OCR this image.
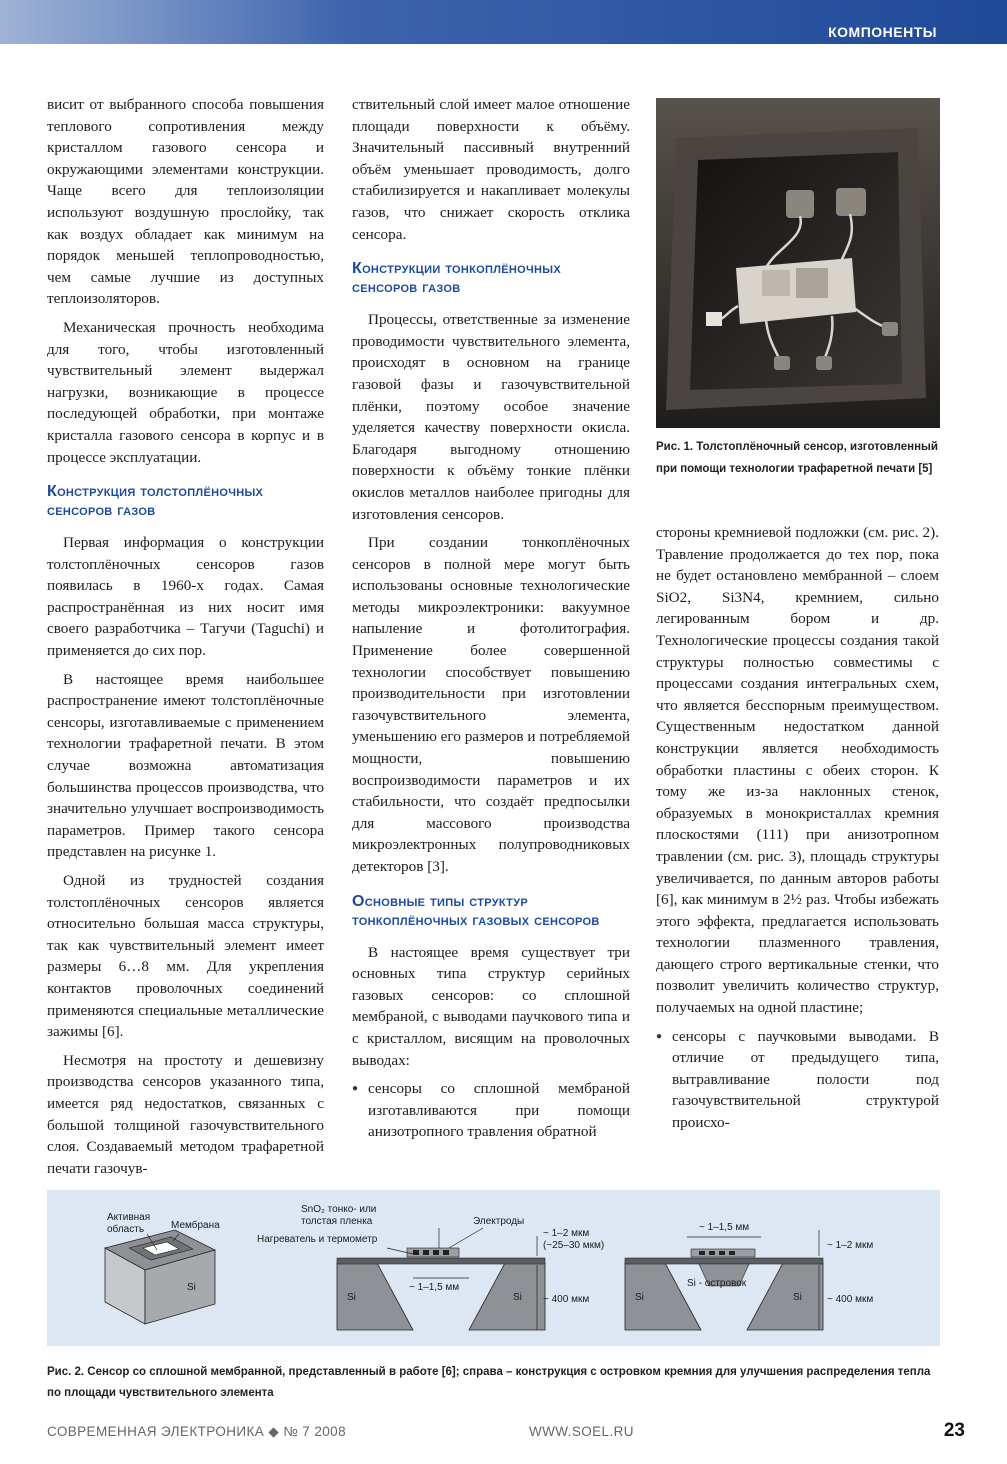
КОМПОНЕНТЫ

висит от выбранного способа повышения теплового сопротивления между кристаллом газового сенсора и окружающими элементами конструкции. Чаще всего для теплоизоляции используют воздушную прослойку, так как воздух обладает как минимум на порядок меньшей теплопроводностью, чем самые лучшие из доступных теплоизоляторов.

Механическая прочность необходима для того, чтобы изготовленный чувствительный элемент выдержал нагрузки, возникающие в процессе последующей обработки, при монтаже кристалла газового сенсора в корпус и в процессе эксплуатации.

Конструкция толстоплёночных сенсоров газов

Первая информация о конструкции толстоплёночных сенсоров газов появилась в 1960-х годах. Самая распространённая из них носит имя своего разработчика – Тагучи (Taguchi) и применяется до сих пор.

В настоящее время наибольшее распространение имеют толстоплёночные сенсоры, изготавливаемые с применением технологии трафаретной печати. В этом случае возможна автоматизация большинства процессов производства, что значительно улучшает воспроизводимость параметров. Пример такого сенсора представлен на рисунке 1.

Одной из трудностей создания толстоплёночных сенсоров является относительно большая масса структуры, так как чувствительный элемент имеет размеры 6…8 мм. Для укрепления контактов проволочных соединений применяются специальные металлические зажимы [6].

Несмотря на простоту и дешевизну производства сенсоров указанного типа, имеется ряд недостатков, связанных с большой толщиной газочувствительного слоя. Создаваемый методом трафаретной печати газочув-

ствительный слой имеет малое отношение площади поверхности к объёму. Значительный пассивный внутренний объём уменьшает проводимость, долго стабилизируется и накапливает молекулы газов, что снижает скорость отклика сенсора.

Конструкции тонкоплёночных сенсоров газов

Процессы, ответственные за изменение проводимости чувствительного элемента, происходят в основном на границе газовой фазы и газочувствительной плёнки, поэтому особое значение уделяется качеству поверхности окисла. Благодаря выгодному отношению поверхности к объёму тонкие плёнки окислов металлов наиболее пригодны для изготовления сенсоров.

При создании тонкоплёночных сенсоров в полной мере могут быть использованы основные технологические методы микроэлектроники: вакуумное напыление и фотолитография. Применение более совершенной технологии способствует повышению производительности при изготовлении газочувствительного элемента, уменьшению его размеров и потребляемой мощности, повышению воспроизводимости параметров и их стабильности, что создаёт предпосылки для массового производства микроэлектронных полупроводниковых детекторов [3].

Основные типы структур тонкоплёночных газовых сенсоров

В настоящее время существует три основных типа структур серийных газовых сенсоров: со сплошной мембраной, с выводами паучкового типа и с кристаллом, висящим на проволочных выводах:

● сенсоры со сплошной мембраной изготавливаются при помощи анизотропного травления обратной
Рис. 1. Толстоплёночный сенсор, изготовленный при помощи технологии трафаретной печати [5]

стороны кремниевой подложки (см. рис. 2). Травление продолжается до тех пор, пока не будет остановлено мембранной – слоем SiO2, Si3N4, кремнием, сильно легированным бором и др. Технологические процессы создания такой структуры полностью совместимы с процессами создания интегральных схем, что является бесспорным преимуществом. Существенным недостатком данной конструкции является необходимость обработки пластины с обеих сторон. К тому же из-за наклонных стенок, образуемых в монокристаллах кремния плоскостями (111) при анизотропном травлении (см. рис. 3), площадь структуры увеличивается, по данным авторов работы [6], как минимум в 2½ раз. Чтобы избежать этого эффекта, предлагается использовать технологии плазменного травления, дающего строго вертикальные стенки, что позволит увеличить количество структур, получаемых на одной пластине;

● сенсоры с паучковыми выводами. В отличие от предыдущего типа, вытравливание полости под газочувствительной структурой происхо-
Активная
область	Мембрана
Si
SnO₂ тонко- или
толстая пленка	Электроды
Нагреватель и термометр
~ 1–2 мкм
(~25–30 мкм)
~ 1–1,5 мм
Si	Si ~ 400 мкм
~ 1–1,5 мм
~ 1–2 мкм
Si - островок
Si	Si	~ 400 мкм
Рис. 2. Сенсор со сплошной мембранной, представленный в работе [6]; справа – конструкция с островком кремния для улучшения распределения тепла по площади чувствительного элемента
СОВРЕМЕННАЯ ЭЛЕКТРОНИКА ◆ № 7 2008	WWW.SOEL.RU	23
